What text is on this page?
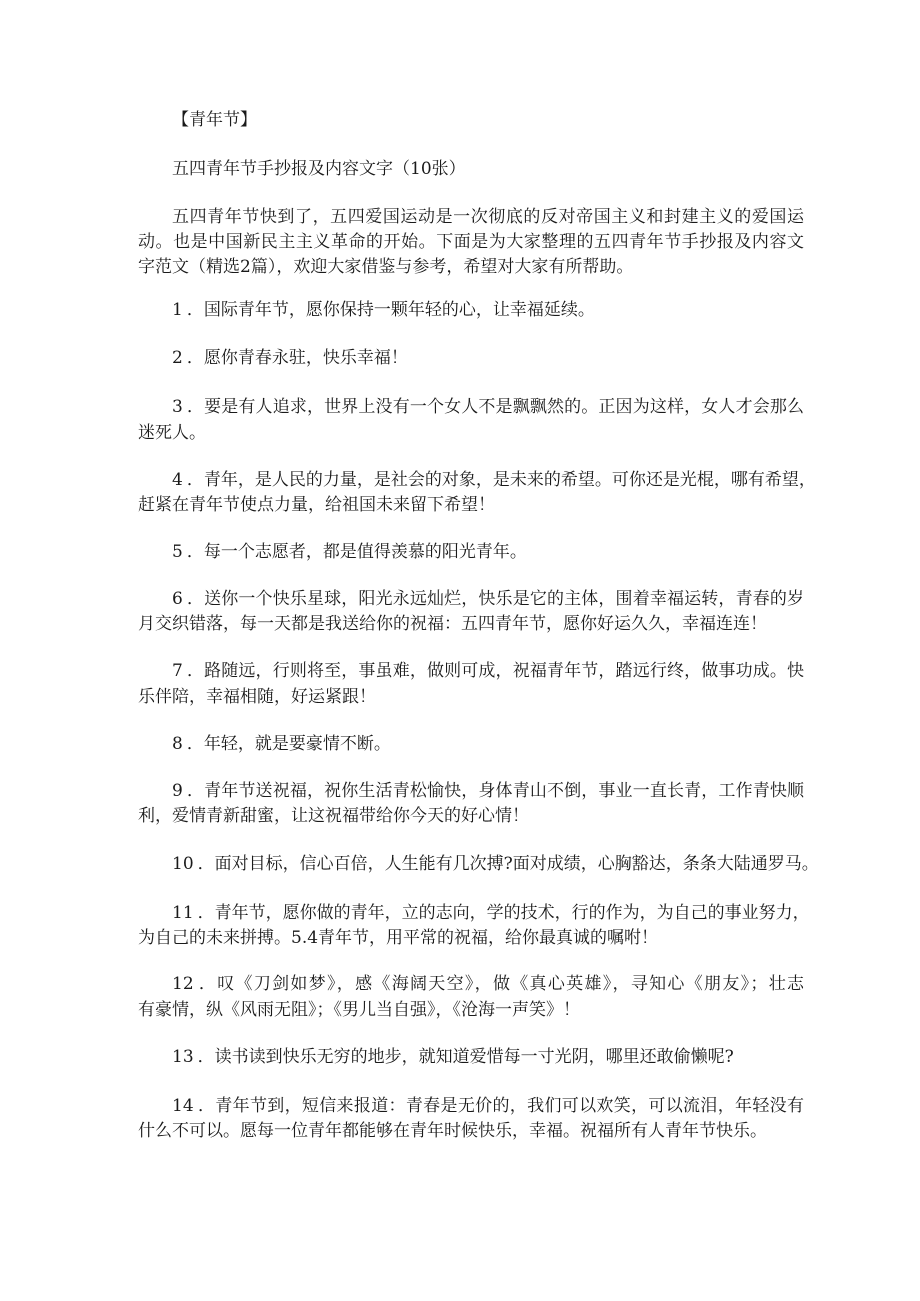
【青年节】

五四青年节手抄报及内容文字（10张）

五四青年节快到了，五四爱国运动是一次彻底的反对帝国主义和封建主义的爱国运

动。也是中国新民主主义革命的开始。下面是为大家整理的五四青年节手抄报及内容文

字范文（精选2篇），欢迎大家借鉴与参考，希望对大家有所帮助。

1 ．国际青年节，愿你保持一颗年轻的心，让幸福延续。

2 ．愿你青春永驻，快乐幸福！

3 ．要是有人追求，世界上没有一个女人不是飘飘然的。正因为这样，女人才会那么

迷死人。

4 ．青年，是人民的力量，是社会的对象，是未来的希望。可你还是光棍，哪有希望，

赶紧在青年节使点力量，给祖国未来留下希望！

5 ．每一个志愿者，都是值得羡慕的阳光青年。

6 ．送你一个快乐星球，阳光永远灿烂，快乐是它的主体，围着幸福运转，青春的岁

月交织错落，每一天都是我送给你的祝福：五四青年节，愿你好运久久，幸福连连！

7 ．路随远，行则将至，事虽难，做则可成，祝福青年节，踏远行终，做事功成。快

乐伴陪，幸福相随，好运紧跟！

8 ．年轻，就是要豪情不断。

9 ．青年节送祝福，祝你生活青松愉快，身体青山不倒，事业一直长青，工作青快顺

利，爱情青新甜蜜，让这祝福带给你今天的好心情！

10 ．面对目标，信心百倍，人生能有几次搏?面对成绩，心胸豁达，条条大陆通罗马。

11 ．青年节，愿你做的青年，立的志向，学的技术，行的作为，为自己的事业努力，

为自己的未来拼搏。5.4青年节，用平常的祝福，给你最真诚的嘱咐！

12 ．叹《刀剑如梦》，感《海阔天空》，做《真心英雄》，寻知心《朋友》；壮志

有豪情，纵《风雨无阻》；《男儿当自强》，《沧海一声笑》！

13 ．读书读到快乐无穷的地步，就知道爱惜每一寸光阴，哪里还敢偷懒呢?

14 ．青年节到，短信来报道：青春是无价的，我们可以欢笑，可以流泪，年轻没有

什么不可以。愿每一位青年都能够在青年时候快乐，幸福。祝福所有人青年节快乐。
